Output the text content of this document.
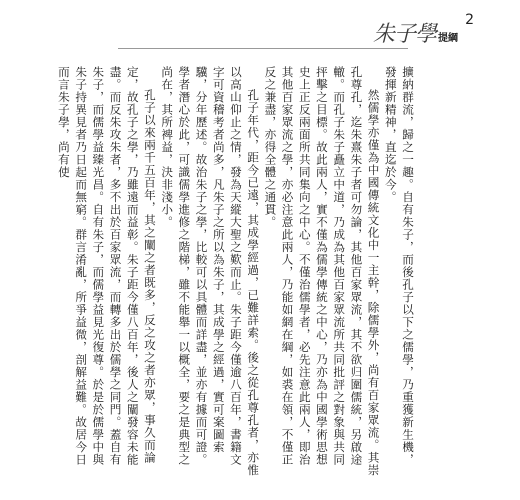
朱子學 提綱
2

擴納群流，歸之一趣。自有朱子，而後孔子以下之儒學，乃重獲新生機，發揮新精神，直迄於今。

然儒學亦僅為中國傳統文化中一主幹，除儒學外，尚有百家眾流。其崇孔尊孔，迄朱熹朱子者可勿論，其他百家眾流，其不欲归圍儒統，另啟途轍。而孔子朱子矗立中道，乃成為其他百家眾流所共同批評之對象與共同抨擊之目標。故此兩人，實不僅為儒學傳統之中心，乃亦為中國學術思想史上正反兩面所共同集向之中心。不僅治儒學者，必先注意此兩人，即治其他百家眾流之學，亦必注意此兩人，乃能如網在綱，如裘在領，不僅正反之兼盡，亦得全體之通貫。

孔子年代，距今已遠，其成學經過，已難詳索。後之從孔尊孔者，亦惟以高山仰止之情，發為天縱大聖之歎而止。朱子距今僅逾八百年，書籍文字可資稽考者尚多，凡朱子之所以為朱子，其成學之經過，實可案圖索驥，分年歷述。故治朱子之學，比較可以具體而詳盡，並亦有據而可證。學者潛心於此，可識儒學進修之階梯，雖不能舉一以概全，要之是典型之尚在，其所裨益，決非淺小。

孔子以來兩千五百年，其之闡之者既多，反之攻之者亦眾，事久而論定，故孔子之學，乃雖遠而益彰。朱子距今僅八百年，後人之闡發容未能盡。而反朱攻朱者，多不出於百家眾流，而轉多出於儒學之同門。蓋自有朱子，而儒學益臻光昌。自有朱子，而儒學益見光復尊。於是於儒學中與朱子持異見者乃日起而無窮。群言淆亂，所爭益微，剖解益難。故居今日而言朱子學，尚有使
